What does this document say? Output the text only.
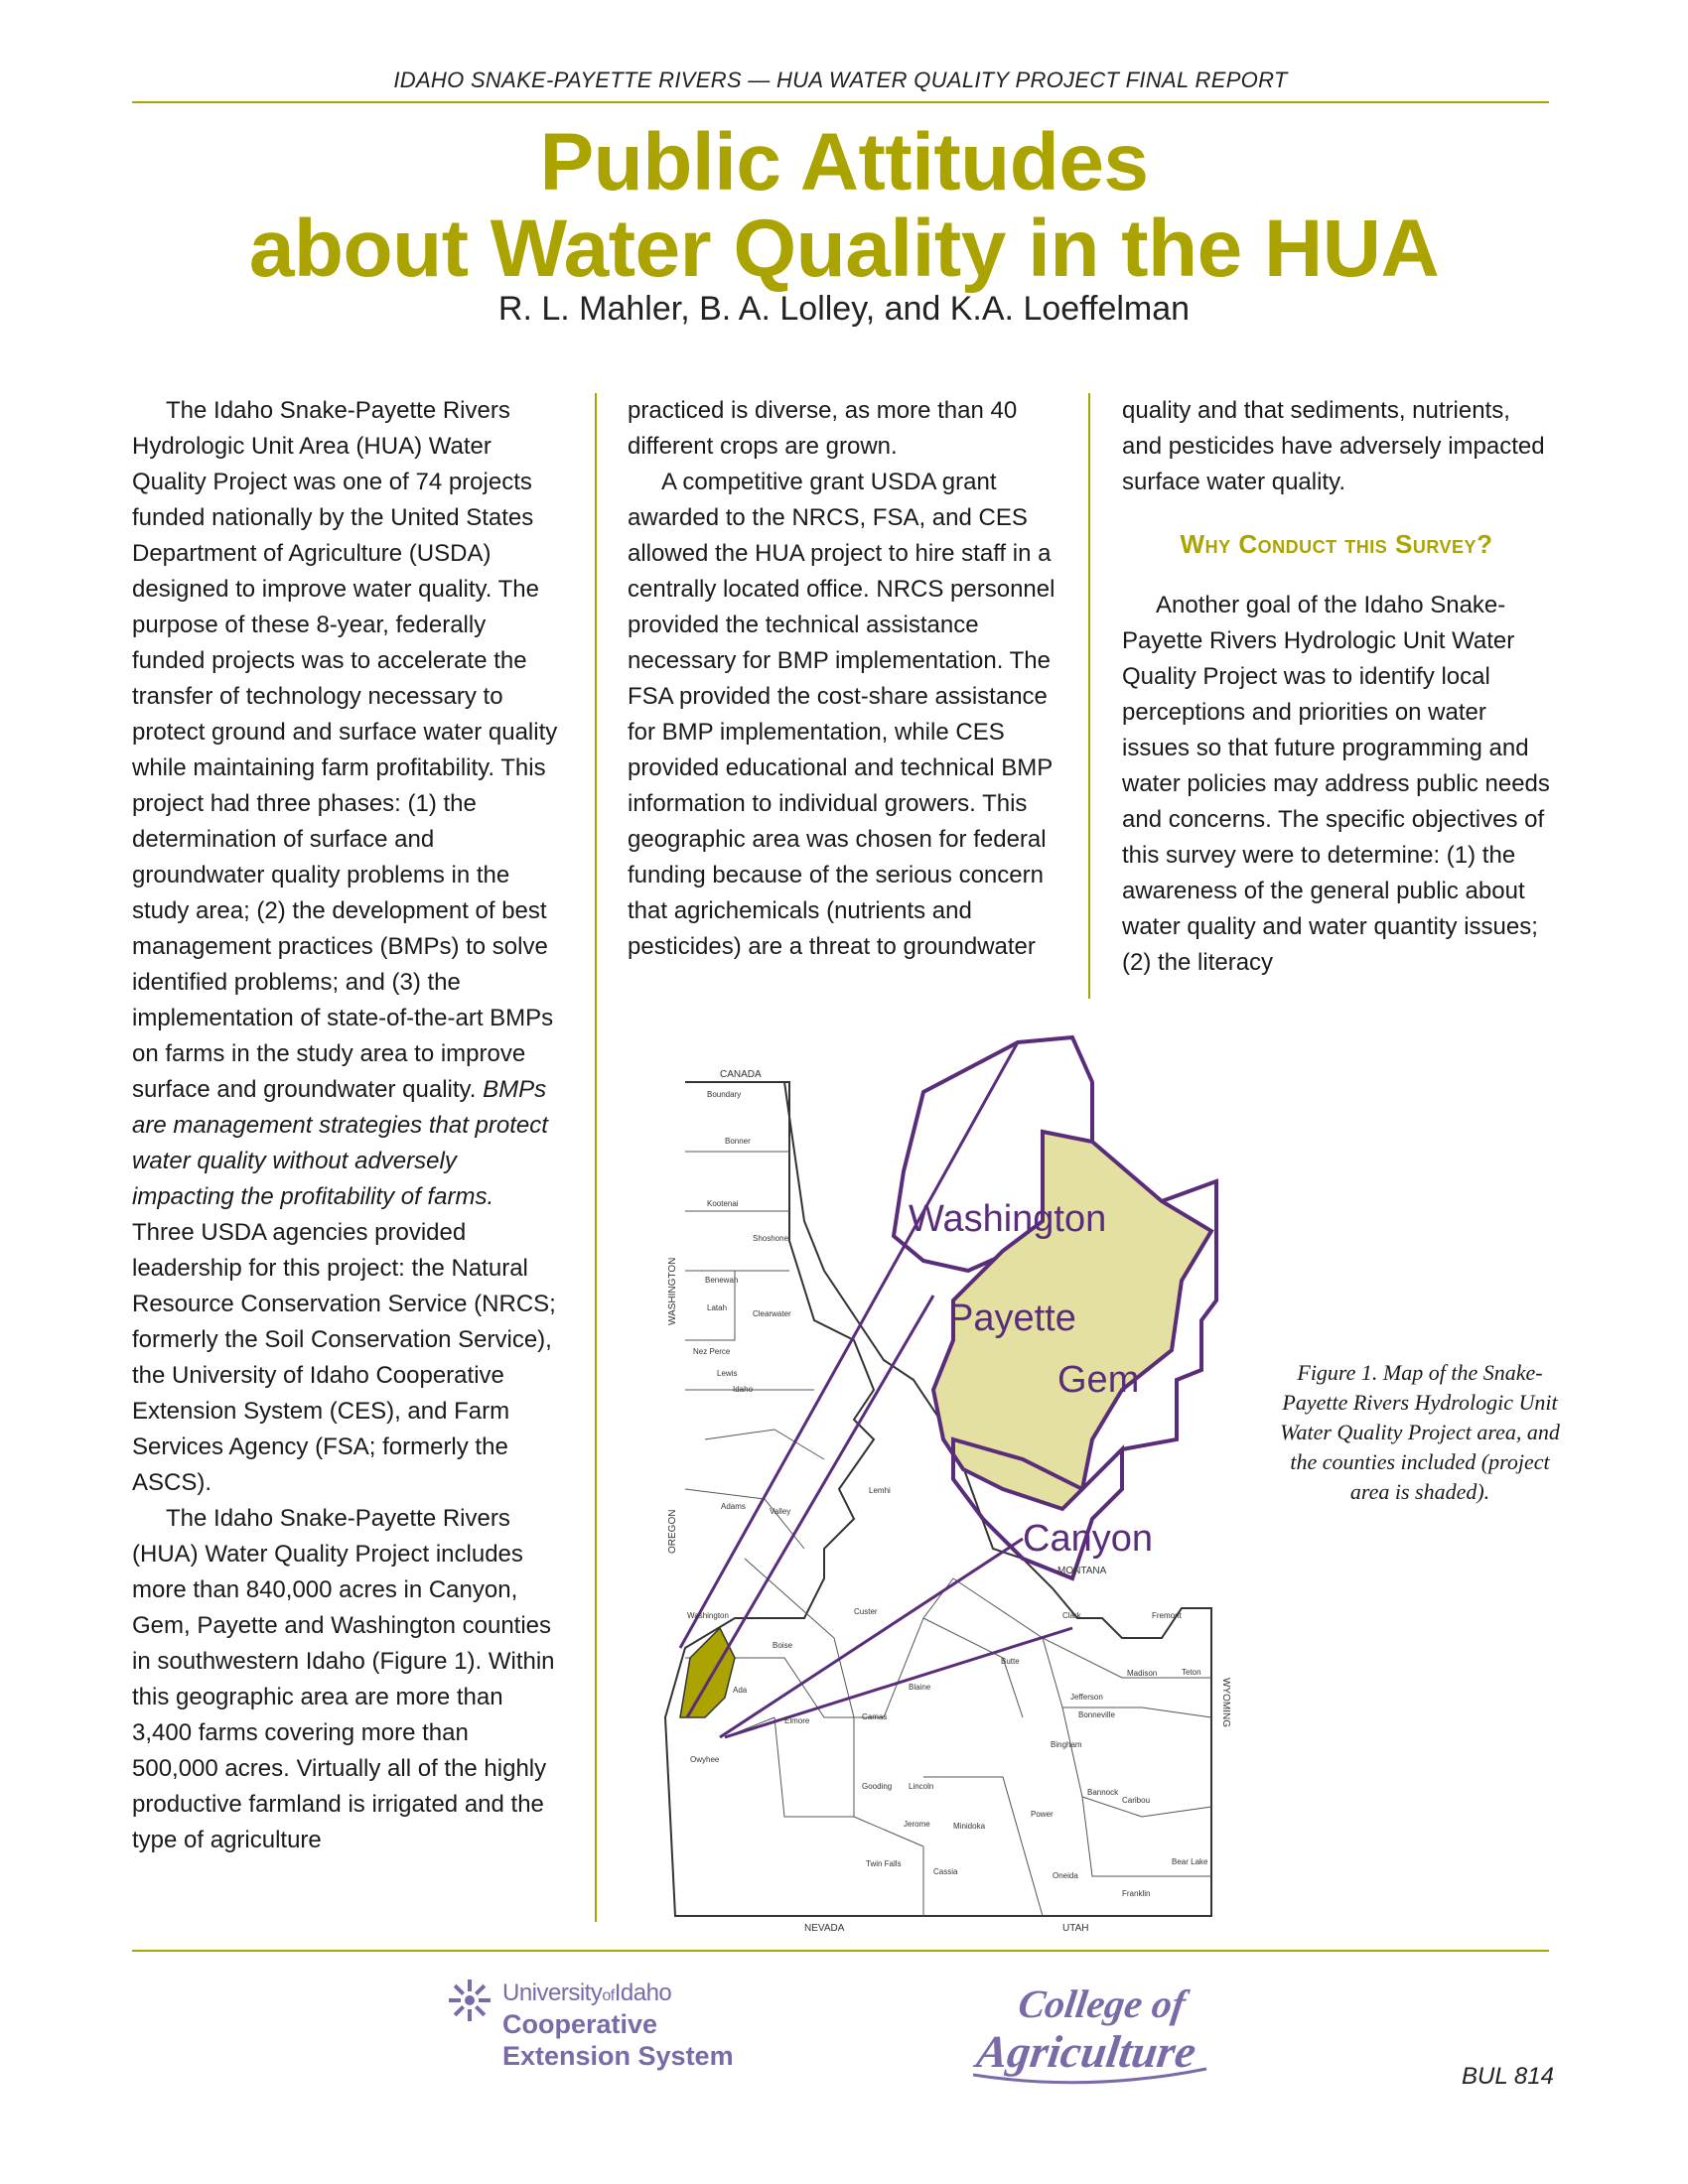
IDAHO SNAKE-PAYETTE RIVERS — HUA WATER QUALITY PROJECT FINAL REPORT
Public Attitudes
about Water Quality in the HUA
R. L. Mahler, B. A. Lolley, and K.A. Loeffelman

The Idaho Snake-Payette Rivers Hydrologic Unit Area (HUA) Water Quality Project was one of 74 projects funded nationally by the United States Department of Agriculture (USDA) designed to improve water quality. The purpose of these 8-year, federally funded projects was to accelerate the transfer of technology necessary to protect ground and surface water quality while maintaining farm profitability. This project had three phases: (1) the determination of surface and groundwater quality problems in the study area; (2) the development of best management practices (BMPs) to solve identified problems; and (3) the implementation of state-of-the-art BMPs on farms in the study area to improve surface and groundwater quality. BMPs are management strategies that protect water quality without adversely impacting the profitability of farms. Three USDA agencies provided leadership for this project: the Natural Resource Conservation Service (NRCS; formerly the Soil Conservation Service), the University of Idaho Cooperative Extension System (CES), and Farm Services Agency (FSA; formerly the ASCS).

The Idaho Snake-Payette Rivers (HUA) Water Quality Project includes more than 840,000 acres in Canyon, Gem, Payette and Washington counties in southwestern Idaho (Figure 1). Within this geographic area are more than 3,400 farms covering more than 500,000 acres. Virtually all of the highly productive farmland is irrigated and the type of agriculture

practiced is diverse, as more than 40 different crops are grown.

A competitive grant USDA grant awarded to the NRCS, FSA, and CES allowed the HUA project to hire staff in a centrally located office. NRCS personnel provided the technical assistance necessary for BMP implementation. The FSA provided the cost-share assistance for BMP implementation, while CES provided educational and technical BMP information to individual growers. This geographic area was chosen for federal funding because of the serious concern that agrichemicals (nutrients and pesticides) are a threat to groundwater

quality and that sediments, nutrients, and pesticides have adversely impacted surface water quality.

Why Conduct this Survey?

Another goal of the Idaho Snake-Payette Rivers Hydrologic Unit Water Quality Project was to identify local perceptions and priorities on water issues so that future programming and water policies may address public needs and concerns. The specific objectives of this survey were to determine: (1) the awareness of the general public about water quality and water quantity issues; (2) the literacy

Washington
Payette
Gem
Canyon
CANADA
NEVADA	UTAH
MONTANA
WASHINGTON
OREGON
WYOMING
Boundary
Bonner
Kootenai
Shoshone
Benewah
Latah
Clearwater
Nez Perce
Lewis
Idaho
Adams
Valley
Lemhi
Washington	Custer	Clark	Fremont
Boise
Butte
Madison	Teton
Ada
Jefferson
Elmore
Blaine
Camas	Bonneville
Bingham
Owyhee
Gooding Lincoln
Jerome	Minidoka
Power
Bannock
Caribou
Twin Falls
Cassia	Oneida
Bear Lake
Franklin
Figure 1. Map of the Snake-Payette Rivers Hydrologic Unit Water Quality Project area, and the counties included (project area is shaded).
UniversityofIdaho
Cooperative
Extension System
College of
Agriculture	BUL 814
